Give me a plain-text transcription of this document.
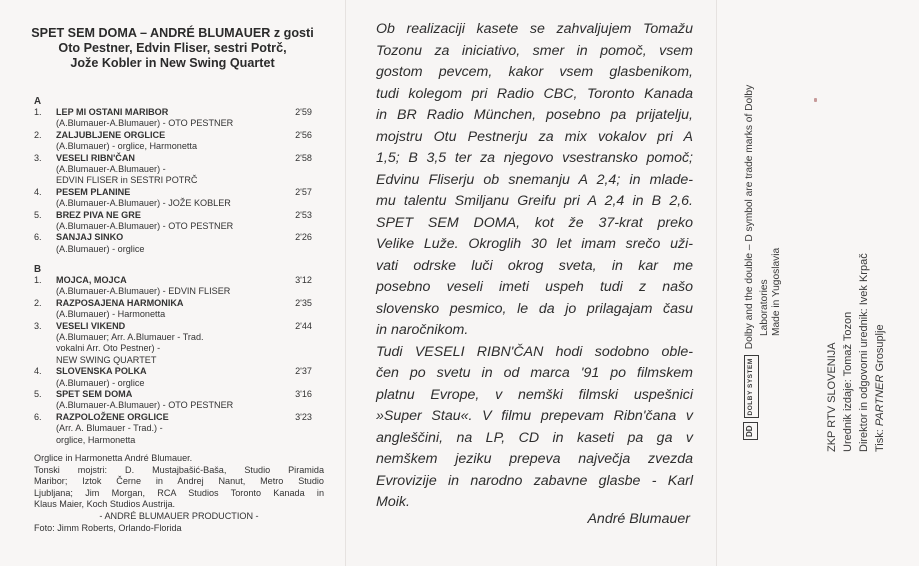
SPET SEM DOMA – ANDRÉ BLUMAUER z gosti
Oto Pestner, Edvin Fliser, sestri Potrč,
Jože Kobler in New Swing Quartet
A
1. LEP MI OSTANI MARIBOR	2'59
(A.Blumauer-A.Blumauer) - OTO PESTNER
2. ZALJUBLJENE ORGLICE	2'56
(A.Blumauer) - orglice, Harmonetta
3. VESELI RIBN'ČAN	2'58
(A.Blumauer-A.Blumauer) -
EDVIN FLISER in SESTRI POTRČ
4. PESEM PLANINE	2'57
(A.Blumauer-A.Blumauer) - JOŽE KOBLER
5. BREZ PIVA NE GRE	2'53
(A.Blumauer-A.Blumauer) - OTO PESTNER
6. SANJAJ SINKO	2'26
(A.Blumauer) - orglice
B
1. MOJCA, MOJCA	3'12
(A.Blumauer-A.Blumauer) - EDVIN FLISER
2. RAZPOSAJENA HARMONIKA	2'35
(A.Blumauer) - Harmonetta
3. VESELI VIKEND	2'44
(A.Blumauer; Arr. A.Blumauer - Trad.
vokalni Arr. Oto Pestner) -
NEW SWING QUARTET
4. SLOVENSKA POLKA	2'37
(A.Blumauer) - orglice
5. SPET SEM DOMA	3'16
(A.Blumauer-A.Blumauer) - OTO PESTNER
6. RAZPOLOŽENE ORGLICE	3'23
(Arr. A. Blumauer - Trad.) -
orglice, Harmonetta
Orglice in Harmonetta André Blumauer.
Tonski mojstri: D. Mustajbašić-Baša, Studio Piramida
Maribor; Iztok Černe in Andrej Nanut, Metro Studio
Ljubljana; Jim Morgan, RCA Studios Toronto Kanada in
Klaus Maier, Koch Studios Austrija.
- ANDRÉ BLUMAUER PRODUCTION -
Foto: Jimm Roberts, Orlando-Florida
Ob realizaciji kasete se zahvaljujem Tomažu
Tozonu za iniciativo, smer in pomoč, vsem
gostom pevcem, kakor vsem glasbenikom,
tudi kolegom pri Radio CBC, Toronto Kanada
in BR Radio München, posebno pa prijatelju,
mojstru Otu Pestnerju za mix vokalov pri A
1,5; B 3,5 ter za njegovo vsestransko pomoč;
Edvinu Fliserju ob snemanju A 2,4; in mlade-
mu talentu Smiljanu Greifu pri A 2,4 in B 2,6.
SPET SEM DOMA, kot že 37-krat preko
Velike Luže. Okroglih 30 let imam srečo uži-
vati odrske luči okrog sveta, in kar me
posebno veseli imeti uspeh tudi z našo
slovensko pesmico, le da jo prilagajam času
in naročnikom.
Tudi VESELI RIBN'ČAN hodi sodobno oble-
čen po svetu in od marca '91 po filmskem
platnu Evrope, v nemški filmski uspešnici
»Super Stau«. V filmu prepevam Ribn'čana v
angleščini, na LP, CD in kaseti pa ga v
nemškem jeziku prepeva največja zvezda
Evrovizije in narodno zabavne glasbe - Karl
Moik.
André Blumauer
DDDOLBY SYSTEMDolby and the double – D symbol are trade marks of Dolby Laboratories Made in Yugoslavia
ZKP RTV SLOVENIJA Urednik izdaje: Tomaž Tozon Direktor in odgovorni urednik: Ivek Krpač Tisk: PARTNER Grosuplje
